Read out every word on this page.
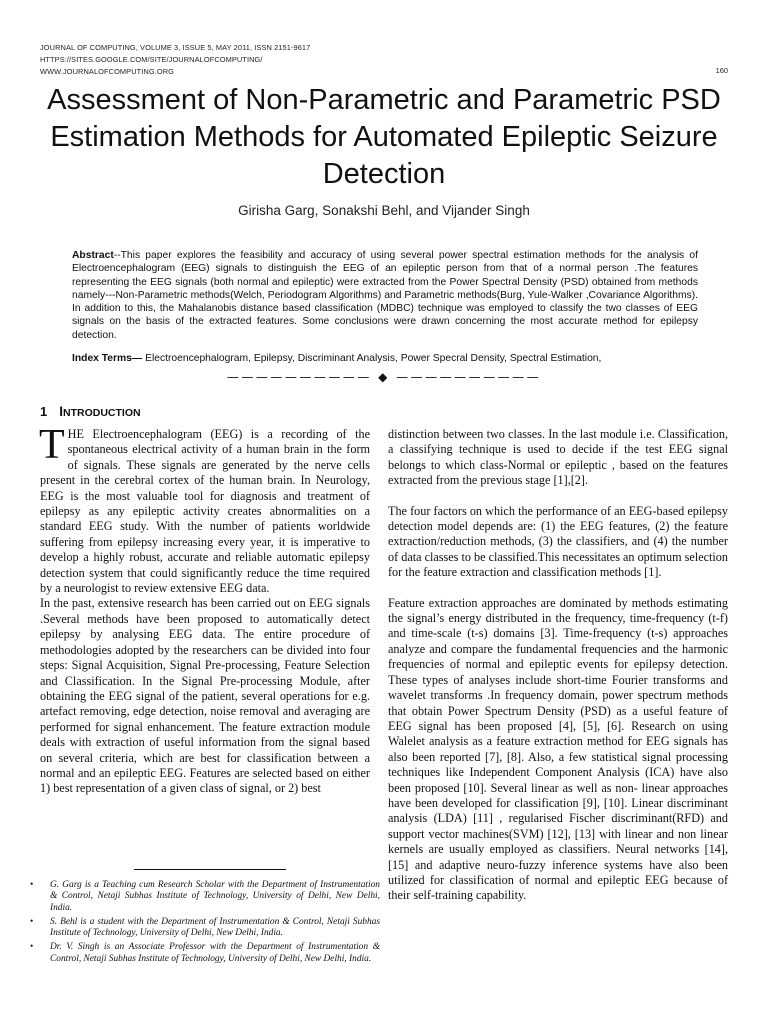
JOURNAL OF COMPUTING, VOLUME 3, ISSUE 5, MAY 2011, ISSN 2151-9617
HTTPS://SITES.GOOGLE.COM/SITE/JOURNALOFCOMPUTING/
WWW.JOURNALOFCOMPUTING.ORG	160
Assessment of Non-Parametric and Parametric PSD Estimation Methods for Automated Epileptic Seizure Detection
Girisha Garg, Sonakshi Behl, and Vijander Singh

Abstract--This paper explores the feasibility and accuracy of using several power spectral estimation methods for the analysis of Electroencephalogram (EEG) signals to distinguish the EEG of an epileptic person from that of a normal person .The features representing the EEG signals (both normal and epileptic) were extracted from the Power Spectral Density (PSD) obtained from methods namely---Non-Parametric methods(Welch, Periodogram Algorithms) and Parametric methods(Burg, Yule-Walker ,Covariance Algorithms). In addition to this, the Mahalanobis distance based classification (MDBC) technique was employed to classify the two classes of EEG signals on the basis of the extracted features. Some conclusions were drawn concerning the most accurate method for epilepsy detection.

Index Terms— Electroencephalogram, Epilepsy, Discriminant Analysis, Power Specral Density, Spectral Estimation,

—————————— ◆ ——————————
1 INTRODUCTION

THE Electroencephalogram (EEG) is a recording of the spontaneous electrical activity of a human brain in the form of signals. These signals are generated by the nerve cells present in the cerebral cortex of the human brain. In Neurology, EEG is the most valuable tool for diagnosis and treatment of epilepsy as any epileptic activity creates abnormalities on a standard EEG study. With the number of patients worldwide suffering from epilepsy increasing every year, it is imperative to develop a highly robust, accurate and reliable automatic epilepsy detection system that could significantly reduce the time required by a neurologist to review extensive EEG data.

In the past, extensive research has been carried out on EEG signals .Several methods have been proposed to automatically detect epilepsy by analysing EEG data. The entire procedure of methodologies adopted by the researchers can be divided into four steps: Signal Acquisition, Signal Pre-processing, Feature Selection and Classification. In the Signal Pre-processing Module, after obtaining the EEG signal of the patient, several operations for e.g. artefact removing, edge detection, noise removal and averaging are performed for signal enhancement. The feature extraction module deals with extraction of useful information from the signal based on several criteria, which are best for classification between a normal and an epileptic EEG. Features are selected based on either 1) best representation of a given class of signal, or 2) best

distinction between two classes. In the last module i.e. Classification, a classifying technique is used to decide if the test EEG signal belongs to which class-Normal or epileptic , based on the features extracted from the previous stage [1],[2].

The four factors on which the performance of an EEG-based epilepsy detection model depends are: (1) the EEG features, (2) the feature extraction/reduction methods, (3) the classifiers, and (4) the number of data classes to be classified.This necessitates an optimum selection for the feature extraction and classification methods [1].

Feature extraction approaches are dominated by methods estimating the signal’s energy distributed in the frequency, time-frequency (t-f) and time-scale (t-s) domains [3]. Time-frequency (t-s) approaches analyze and compare the fundamental frequencies and the harmonic frequencies of normal and epileptic events for epilepsy detection. These types of analyses include short-time Fourier transforms and wavelet transforms .In frequency domain, power spectrum methods that obtain Power Spectrum Density (PSD) as a useful feature of EEG signal has been proposed [4], [5], [6]. Research on using Walelet analysis as a feature extraction method for EEG signals has also been reported [7], [8]. Also, a few statistical signal processing techniques like Independent Component Analysis (ICA) have also been proposed [10]. Several linear as well as non- linear approaches have been developed for classification [9], [10]. Linear discriminant analysis (LDA) [11] , regularised Fischer discriminant(RFD) and support vector machines(SVM) [12], [13] with linear and non linear kernels are usually employed as classifiers. Neural networks [14], [15] and adaptive neuro-fuzzy inference systems have also been utilized for classification of normal and epileptic EEG because of their self-training capability.

• G. Garg is a Teaching cum Research Scholar with the Department of Instrumentation & Control, Netaji Subhas Institute of Technology, University of Delhi, New Delhi, India.
• S. Behl is a student with the Department of Instrumentation & Control, Netaji Subhas Institute of Technology, University of Delhi, New Delhi, India.
• Dr. V. Singh is an Associate Professor with the Department of Instrumentation & Control, Netaji Subhas Institute of Technology, University of Delhi, New Delhi, India.
